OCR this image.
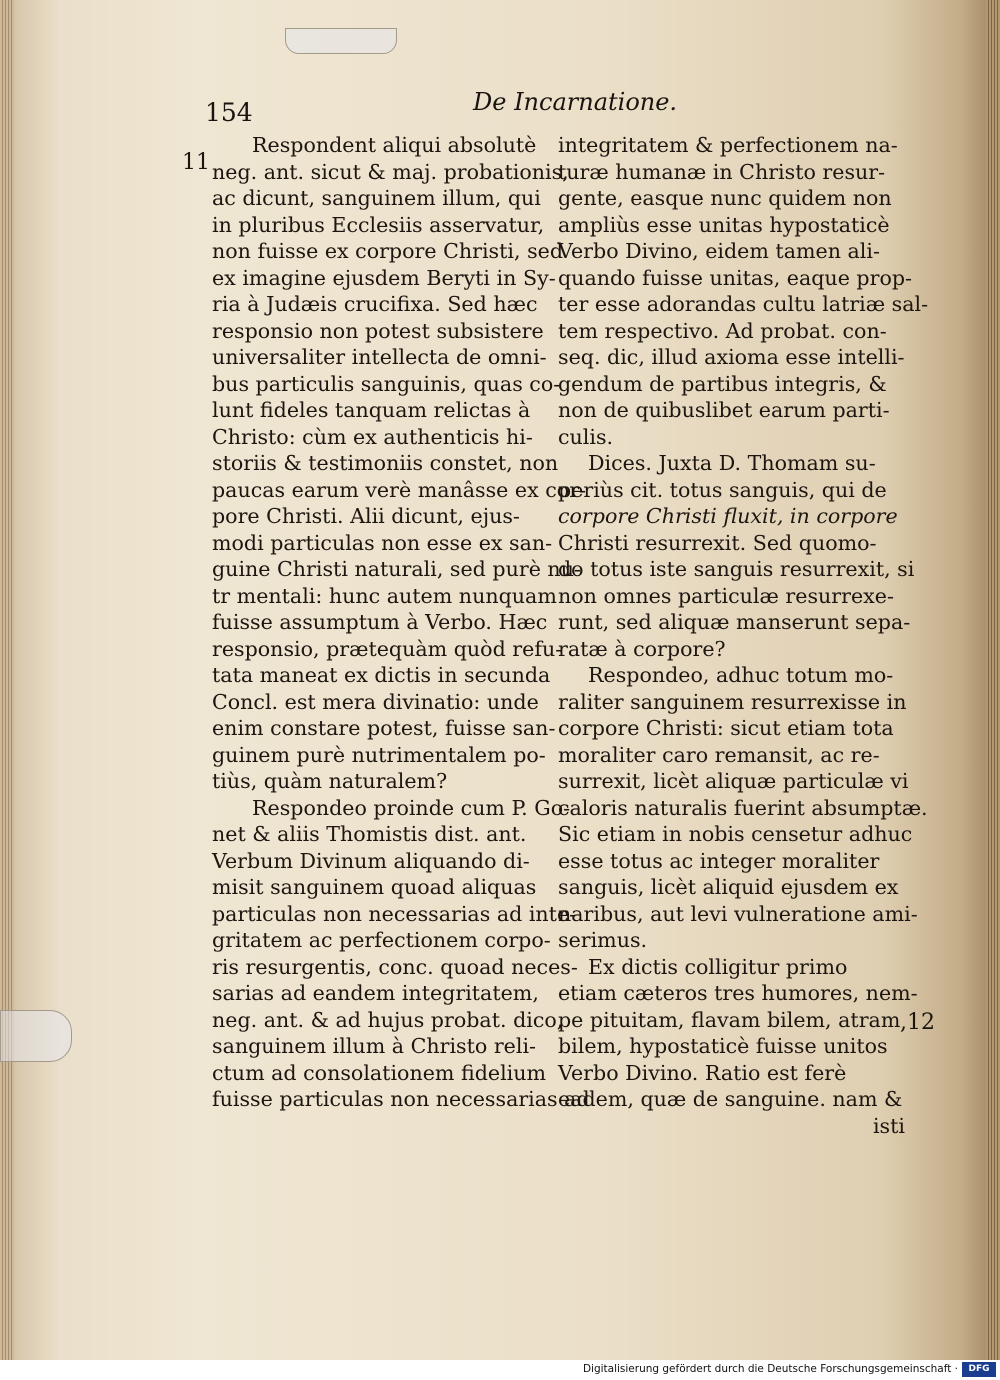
154	De Incarnatione.
11
,12
Respondent aliqui absolutè
neg. ant. sicut & maj. probationis,
ac dicunt, sanguinem illum, qui
in pluribus Ecclesiis asservatur,
non fuisse ex corpore Christi, sed
ex imagine ejusdem Beryti in Sy-
ria à Judæis crucifixa. Sed hæc
responsio non potest subsistere
universaliter intellecta de omni-
bus particulis sanguinis, quas co-
lunt fideles tanquam relictas à
Christo: cùm ex authenticis hi-
storiis & testimoniis constet, non
paucas earum verè manâsse ex cor-
pore Christi. Alii dicunt, ejus-
modi particulas non esse ex san-
guine Christi naturali, sed purè nu-
tr mentali: hunc autem nunquam
fuisse assumptum à Verbo. Hæc
responsio, prætequàm quòd refu-
tata maneat ex dictis in secunda
Concl. est mera divinatio: unde
enim constare potest, fuisse san-
guinem purè nutrimentalem po-
tiùs, quàm naturalem?
Respondeo proinde cum P. Go-
net & aliis Thomistis dist. ant.
Verbum Divinum aliquando di-
misit sanguinem quoad aliquas
particulas non necessarias ad inte-
gritatem ac perfectionem corpo-
ris resurgentis, conc. quoad neces-
sarias ad eandem integritatem,
neg. ant. & ad hujus probat. dico,
sanguinem illum à Christo reli-
ctum ad consolationem fidelium
fuisse particulas non necessarias ad
integritatem & perfectionem na-
turæ humanæ in Christo resur-
gente, easque nunc quidem non
ampliùs esse unitas hypostaticè
Verbo Divino, eidem tamen ali-
quando fuisse unitas, eaque prop-
ter esse adorandas cultu latriæ sal-
tem respectivo. Ad probat. con-
seq. dic, illud axioma esse intelli-
gendum de partibus integris, &
non de quibuslibet earum parti-
culis.
Dices. Juxta D. Thomam su-
periùs cit. totus sanguis, qui de
corpore Christi fluxit, in corpore
Christi resurrexit. Sed quomo-
do totus iste sanguis resurrexit, si
non omnes particulæ resurrexe-
runt, sed aliquæ manserunt sepa-
ratæ à corpore?
Respondeo, adhuc totum mo-
raliter sanguinem resurrexisse in
corpore Christi: sicut etiam tota
moraliter caro remansit, ac re-
surrexit, licèt aliquæ particulæ vi
caloris naturalis fuerint absumptæ.
Sic etiam in nobis censetur adhuc
esse totus ac integer moraliter
sanguis, licèt aliquid ejusdem ex
naribus, aut levi vulneratione ami-
serimus.
Ex dictis colligitur primo
etiam cæteros tres humores, nem-
pe pituitam, flavam bilem, atram
bilem, hypostaticè fuisse unitos
Verbo Divino. Ratio est ferè
eadem, quæ de sanguine. nam &
isti
Digitalisierung gefördert durch die Deutsche Forschungsgemeinschaft ·	DFG
